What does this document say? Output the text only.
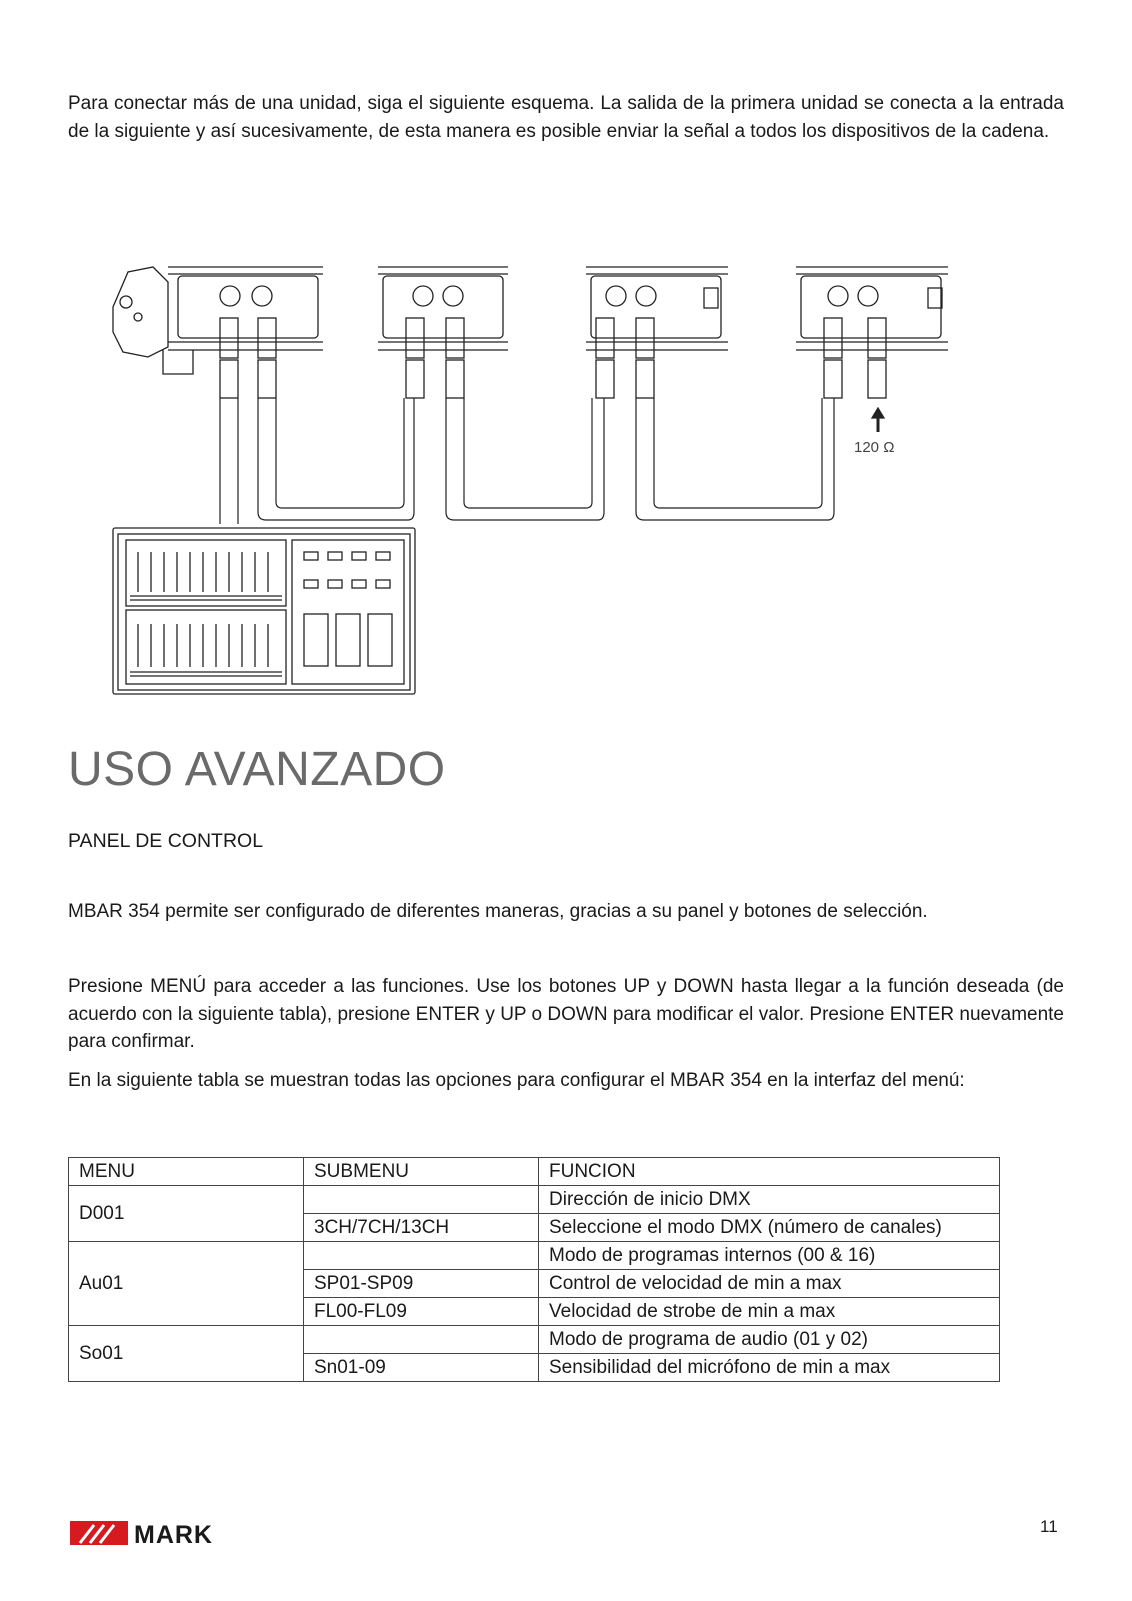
Para conectar más de una unidad, siga el siguiente esquema. La salida de la primera unidad se conecta a la entrada de la siguiente y así sucesivamente, de esta manera es posible enviar la señal a todos los dispositivos de la cadena.

120 Ω
USO AVANZADO
PANEL DE CONTROL

MBAR 354 permite ser configurado de diferentes maneras, gracias a su panel y botones de selección.

Presione MENÚ para acceder a las funciones. Use los botones UP y DOWN hasta llegar a la función deseada (de acuerdo con la siguiente tabla), presione ENTER y UP o DOWN para modificar el valor. Presione ENTER nuevamente para confirmar.

En la siguiente tabla se muestran todas las opciones para configurar el MBAR 354 en la interfaz del menú:

MENU	SUBMENU	FUNCION
D001		Dirección de inicio DMX
	3CH/7CH/13CH	Seleccione el modo DMX (número de canales)
Au01		Modo de programas internos (00 & 16)
	SP01-SP09	Control de velocidad de min a max
	FL00-FL09	Velocidad de strobe de min a max
So01		Modo de programa de audio (01 y 02)
	Sn01-09	Sensibilidad del micrófono de min a max
MARK	11
